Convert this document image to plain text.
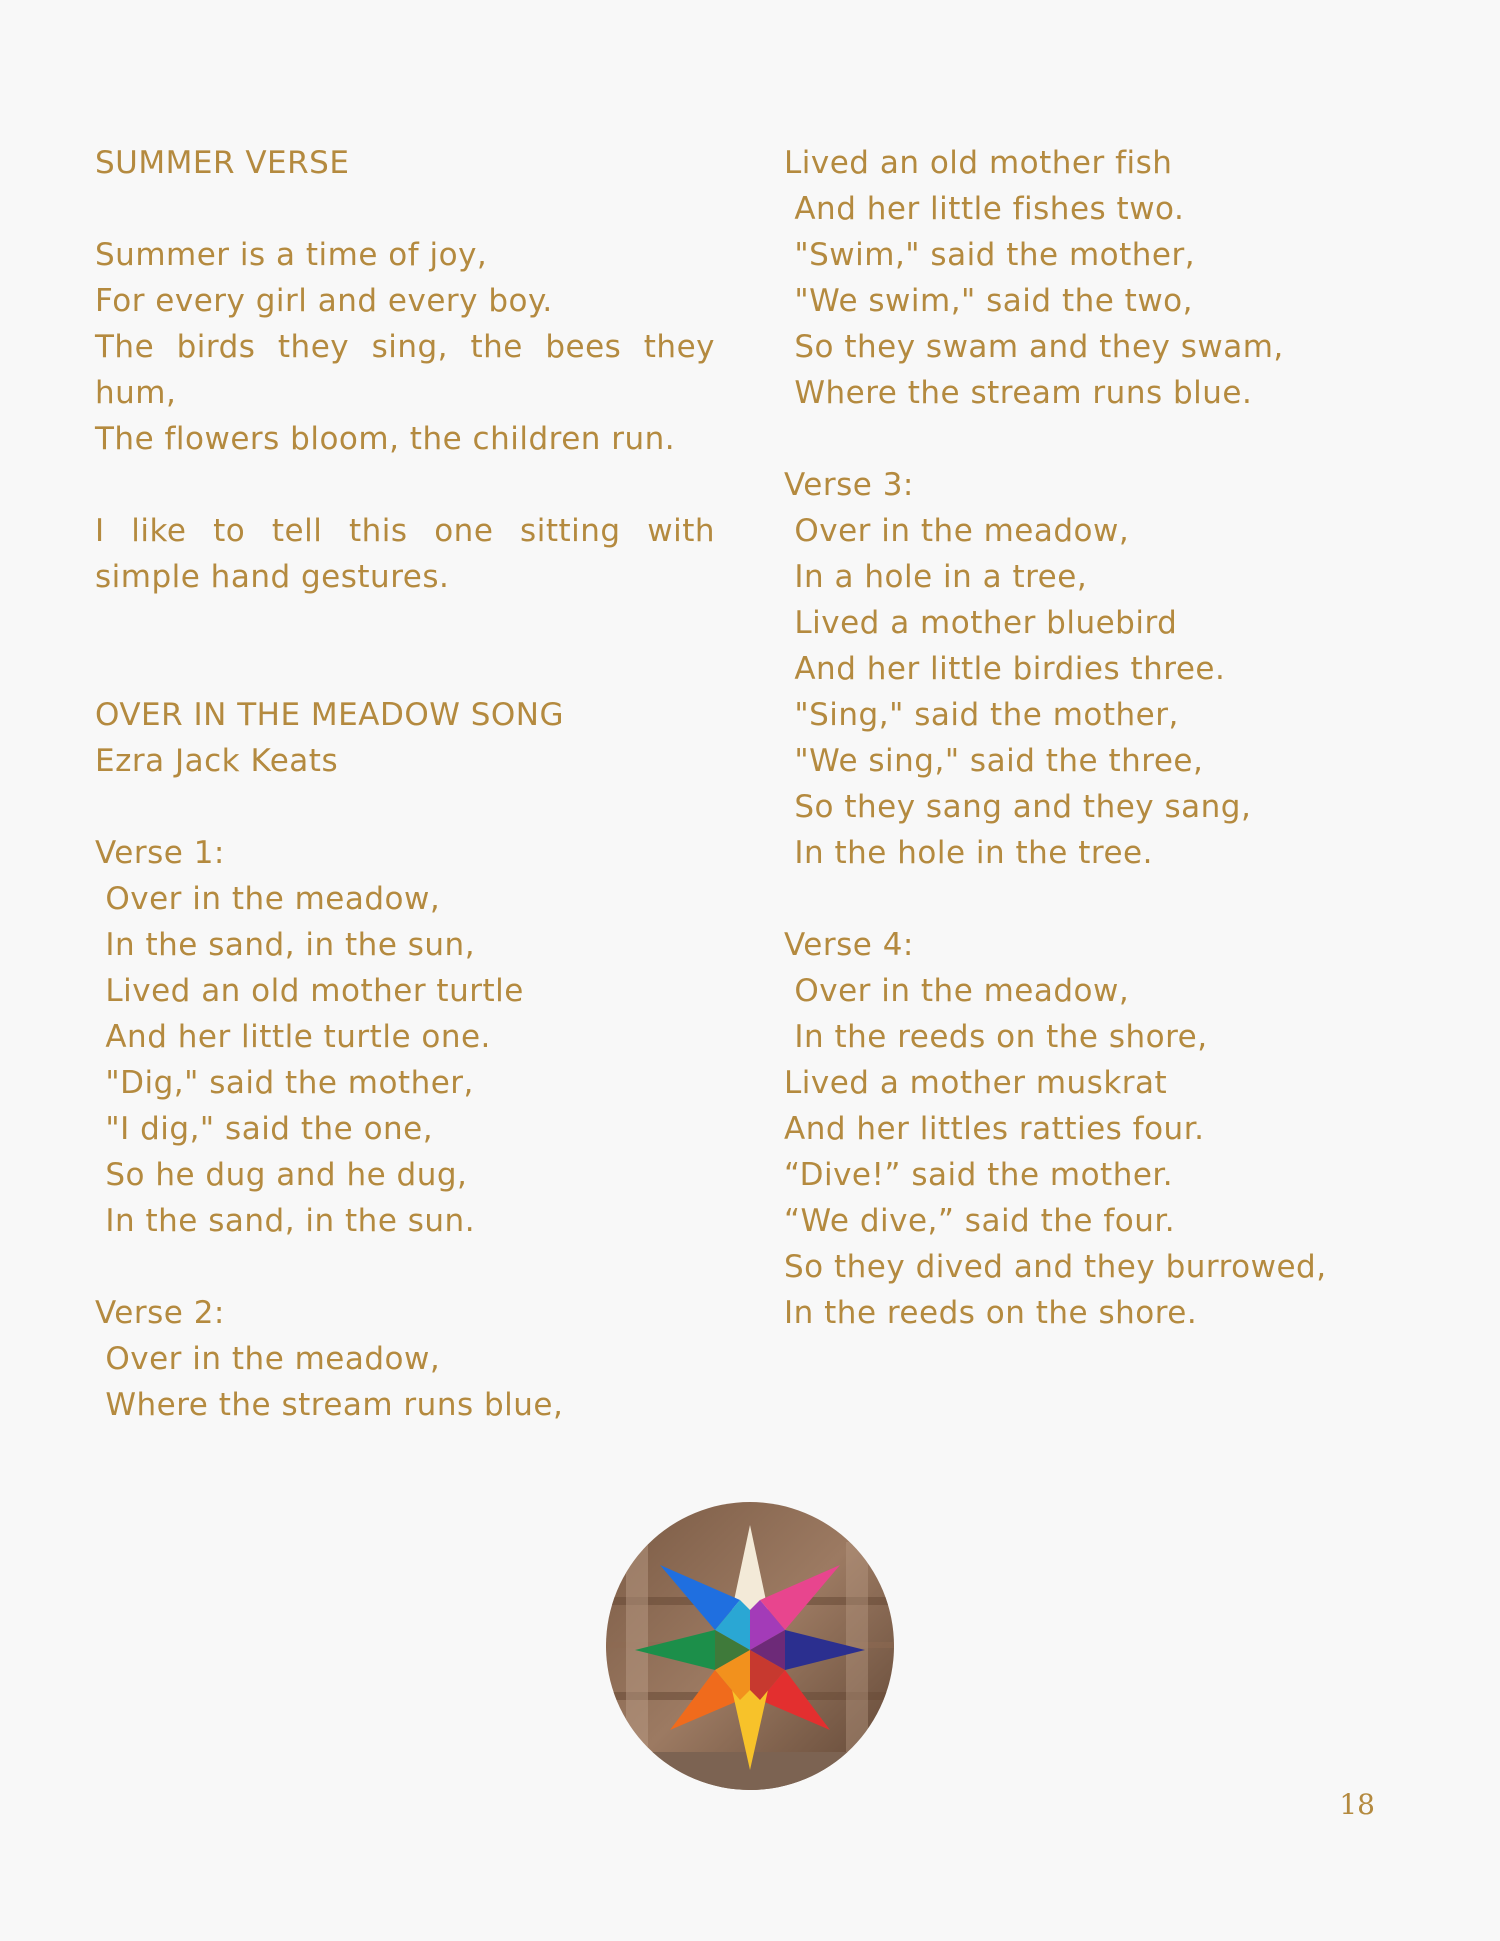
SUMMER VERSE
Summer is a time of joy,
For every girl and every boy.
The birds they sing, the bees they hum,
The flowers bloom, the children run.
I like to tell this one sitting with simple hand gestures.
OVER IN THE MEADOW SONG
Ezra Jack Keats
Verse 1:
Over in the meadow,
In the sand, in the sun,
Lived an old mother turtle
And her little turtle one.
"Dig," said the mother,
"I dig," said the one,
So he dug and he dug,
In the sand, in the sun.
Verse 2:
Over in the meadow,
Where the stream runs blue,
Lived an old mother fish
And her little fishes two.
"Swim," said the mother,
"We swim," said the two,
So they swam and they swam,
Where the stream runs blue.
Verse 3:
Over in the meadow,
In a hole in a tree,
Lived a mother bluebird
And her little birdies three.
"Sing," said the mother,
"We sing," said the three,
So they sang and they sang,
In the hole in the tree.
Verse 4:
Over in the meadow,
In the reeds on the shore,
Lived a mother muskrat
And her littles ratties four.
“Dive!” said the mother.
“We dive,” said the four.
So they dived and they burrowed,
In the reeds on the shore.
18
